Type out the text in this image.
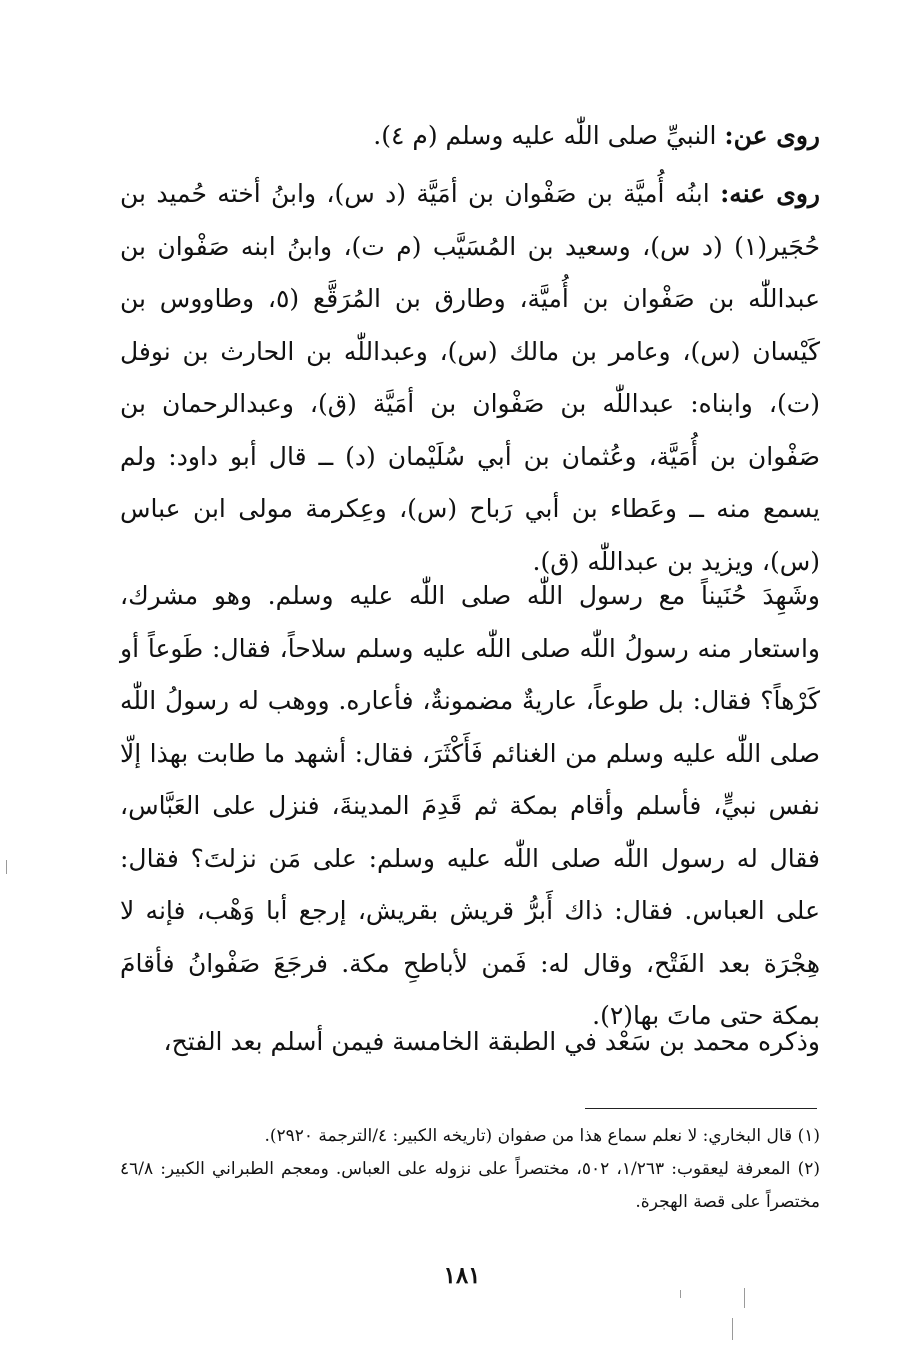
روى عن: النبيِّ صلى اللّٰه عليه وسلم (م ٤).
روى عنه: ابنُه أُميَّة بن صَفْوان بن أمَيَّة (د س)، وابنُ أخته حُميد بن حُجَير(١) (د س)، وسعيد بن المُسَيَّب (م ت)، وابنُ ابنه صَفْوان بن عبداللّٰه بن صَفْوان بن أُميَّة، وطارق بن المُرَقَّع (٥، وطاووس بن كَيْسان (س)، وعامر بن مالك (س)، وعبداللّٰه بن الحارث بن نوفل (ت)، وابناه: عبداللّٰه بن صَفْوان بن أمَيَّة (ق)، وعبدالرحمان بن صَفْوان بن أُمَيَّة، وعُثمان بن أبي سُلَيْمان (د) ــ قال أبو داود: ولم يسمع منه ــ وعَطاء بن أبي رَباح (س)، وعِكرمة مولى ابن عباس (س)، ويزيد بن عبداللّٰه (ق).
وشَهِدَ حُنَيناً مع رسول اللّٰه صلى اللّٰه عليه وسلم. وهو مشرك، واستعار منه رسولُ اللّٰه صلى اللّٰه عليه وسلم سلاحاً، فقال: طَوعاً أو كَرْهاً؟ فقال: بل طوعاً، عاريةٌ مضمونةٌ، فأعاره. ووهب له رسولُ اللّٰه صلى اللّٰه عليه وسلم من الغنائم فَأَكْثَرَ، فقال: أشهد ما طابت بهذا إلّا نفس نبيٍّ، فأسلم وأقام بمكة ثم قَدِمَ المدينةَ، فنزل على العَبَّاس، فقال له رسول اللّٰه صلى اللّٰه عليه وسلم: على مَن نزلتَ؟ فقال: على العباس. فقال: ذاك أَبرُّ قريش بقريش، إرجع أبا وَهْب، فإنه لا هِجْرَة بعد الفَتْح، وقال له: فَمن لأباطحِ مكة. فرجَعَ صَفْوانُ فأقامَ بمكة حتى ماتَ بها(٢).
وذكره محمد بن سَعْد في الطبقة الخامسة فيمن أسلم بعد الفتح،

(١) قال البخاري: لا نعلم سماع هذا من صفوان (تاريخه الكبير: ٤/الترجمة ٢٩٢٠).

(٢) المعرفة ليعقوب: ١/٢٦٣، ٥٠٢، مختصراً على نزوله على العباس. ومعجم الطبراني الكبير: ٤٦/٨ مختصراً على قصة الهجرة.

١٨١
